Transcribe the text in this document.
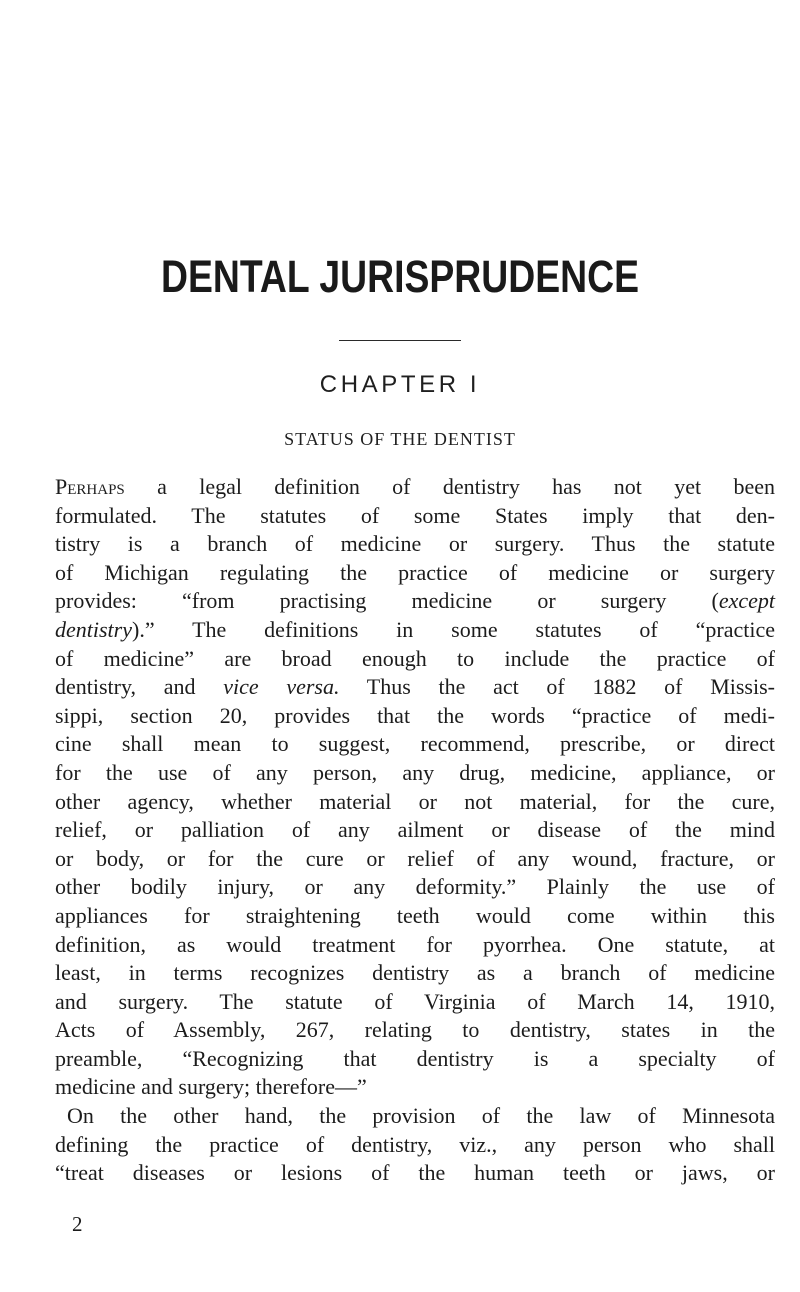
DENTAL JURISPRUDENCE
CHAPTER I
STATUS OF THE DENTIST
Perhaps a legal definition of dentistry has not yet been
formulated. The statutes of some States imply that den-
tistry is a branch of medicine or surgery. Thus the statute
of Michigan regulating the practice of medicine or surgery
provides: “from practising medicine or surgery (except
dentistry).” The definitions in some statutes of “practice
of medicine” are broad enough to include the practice of
dentistry, and vice versa. Thus the act of 1882 of Missis-
sippi, section 20, provides that the words “practice of medi-
cine shall mean to suggest, recommend, prescribe, or direct
for the use of any person, any drug, medicine, appliance, or
other agency, whether material or not material, for the cure,
relief, or palliation of any ailment or disease of the mind
or body, or for the cure or relief of any wound, fracture, or
other bodily injury, or any deformity.” Plainly the use of
appliances for straightening teeth would come within this
definition, as would treatment for pyorrhea. One statute, at
least, in terms recognizes dentistry as a branch of medicine
and surgery. The statute of Virginia of March 14, 1910,
Acts of Assembly, 267, relating to dentistry, states in the
preamble, “Recognizing that dentistry is a specialty of
medicine and surgery; therefore—”
On the other hand, the provision of the law of Minnesota
defining the practice of dentistry, viz., any person who shall
“treat diseases or lesions of the human teeth or jaws, or
2
